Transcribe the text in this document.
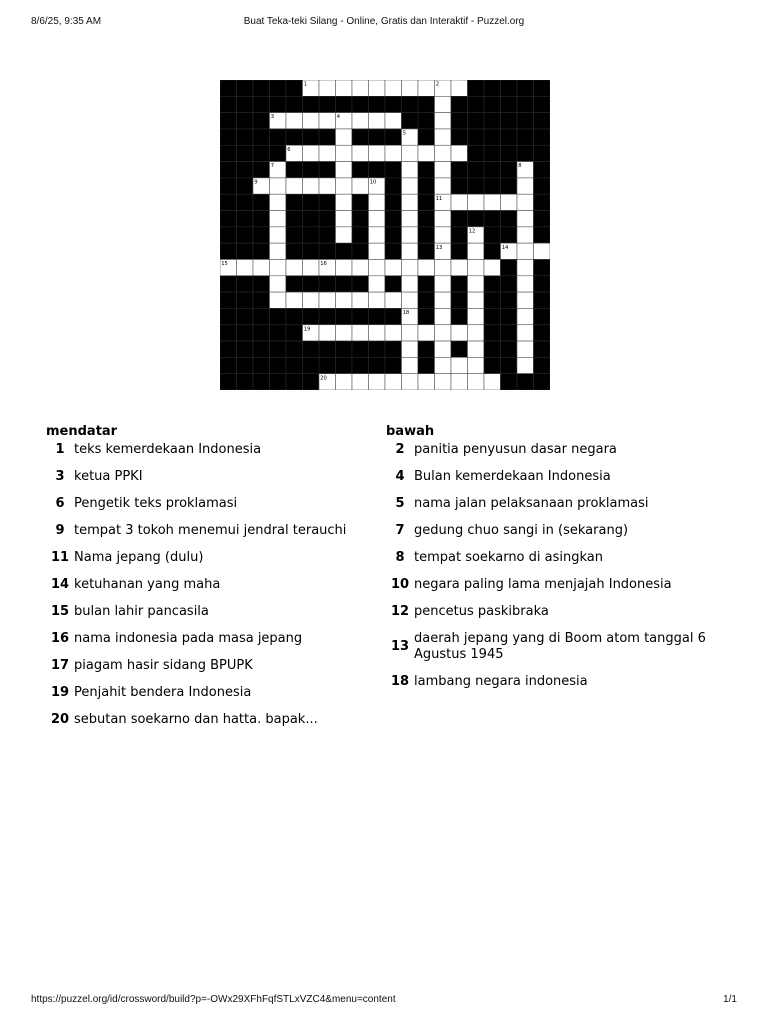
8/6/25, 9:35 AM	Buat Teka-teki Silang - Online, Gratis dan Interaktif - Puzzel.org
1	2
3	4
5
6
7	8
9	10
11
12
13	14
15	16
17
18
19
20
mendatar
1 teks kemerdekaan Indonesia
3 ketua PPKI
6 Pengetik teks proklamasi
9 tempat 3 tokoh menemui jendral terauchi
11 Nama jepang (dulu)
14 ketuhanan yang maha
15 bulan lahir pancasila
16 nama indonesia pada masa jepang
17 piagam hasir sidang BPUPK
19 Penjahit bendera Indonesia
20 sebutan soekarno dan hatta. bapak...
bawah
2 panitia penyusun dasar negara
4 Bulan kemerdekaan Indonesia
5 nama jalan pelaksanaan proklamasi
7 gedung chuo sangi in (sekarang)
8 tempat soekarno di asingkan
10 negara paling lama menjajah Indonesia
12 pencetus paskibraka
13
daerah jepang yang di Boom atom tanggal 6 Agustus 1945
18 lambang negara indonesia
https://puzzel.org/id/crossword/build?p=-OWx29XFhFqfSTLxVZC4&menu=content	1/1
